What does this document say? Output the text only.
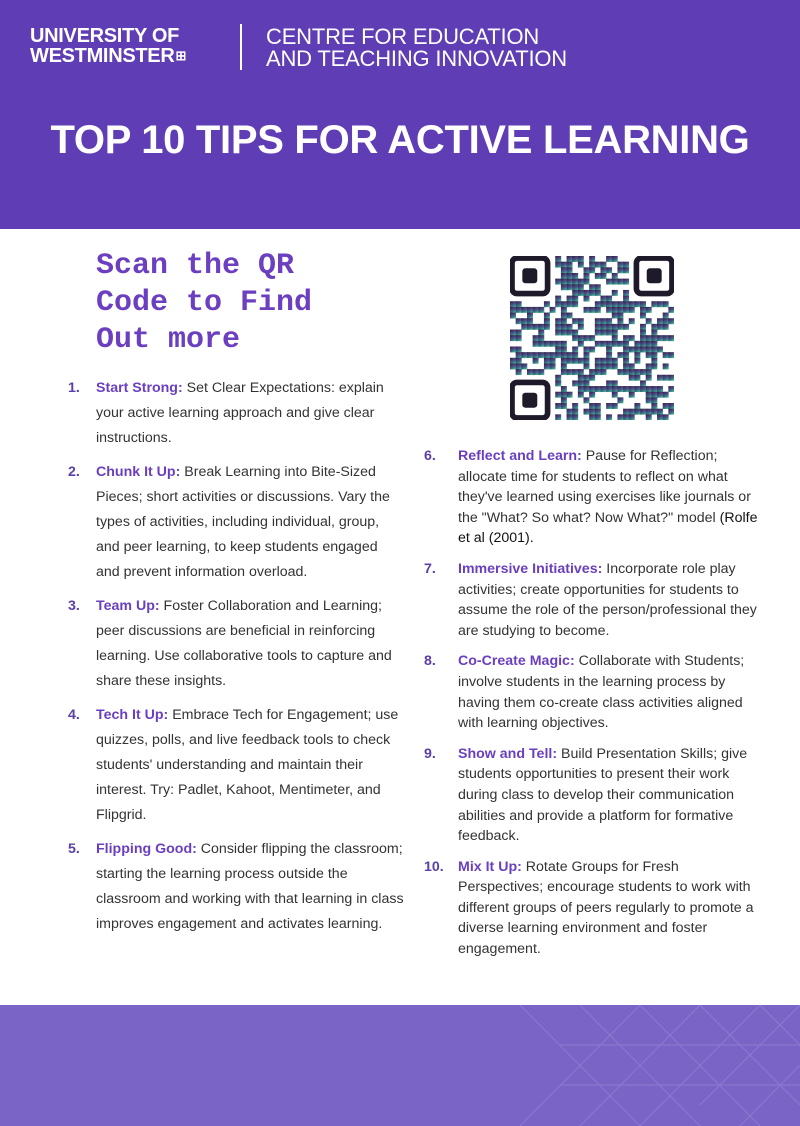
UNIVERSITY OF
WESTMINSTER⊞
CENTRE FOR EDUCATION
AND TEACHING INNOVATION
TOP 10 TIPS FOR ACTIVE LEARNING
Scan the QR
Code to Find
Out more
1. Start Strong: Set Clear Expectations: explain your active learning approach and give clear instructions.
2. Chunk It Up: Break Learning into Bite-Sized Pieces; short activities or discussions. Vary the types of activities, including individual, group, and peer learning, to keep students engaged and prevent information overload.
3. Team Up: Foster Collaboration and Learning; peer discussions are beneficial in reinforcing learning. Use collaborative tools to capture and share these insights.
4. Tech It Up: Embrace Tech for Engagement; use quizzes, polls, and live feedback tools to check students' understanding and maintain their interest. Try: Padlet, Kahoot, Mentimeter, and Flipgrid.
5. Flipping Good: Consider flipping the classroom; starting the learning process outside the classroom and working with that learning in class improves engagement and activates learning.
6. Reflect and Learn: Pause for Reflection; allocate time for students to reflect on what they've learned using exercises like journals or the "What? So what? Now What?" model (Rolfe et al (2001).
7. Immersive Initiatives: Incorporate role play activities; create opportunities for students to assume the role of the person/professional they are studying to become.
8. Co-Create Magic: Collaborate with Students; involve students in the learning process by having them co-create class activities aligned with learning objectives.
9. Show and Tell: Build Presentation Skills; give students opportunities to present their work during class to develop their communication abilities and provide a platform for formative feedback.
10. Mix It Up: Rotate Groups for Fresh Perspectives; encourage students to work with different groups of peers regularly to promote a diverse learning environment and foster engagement.
